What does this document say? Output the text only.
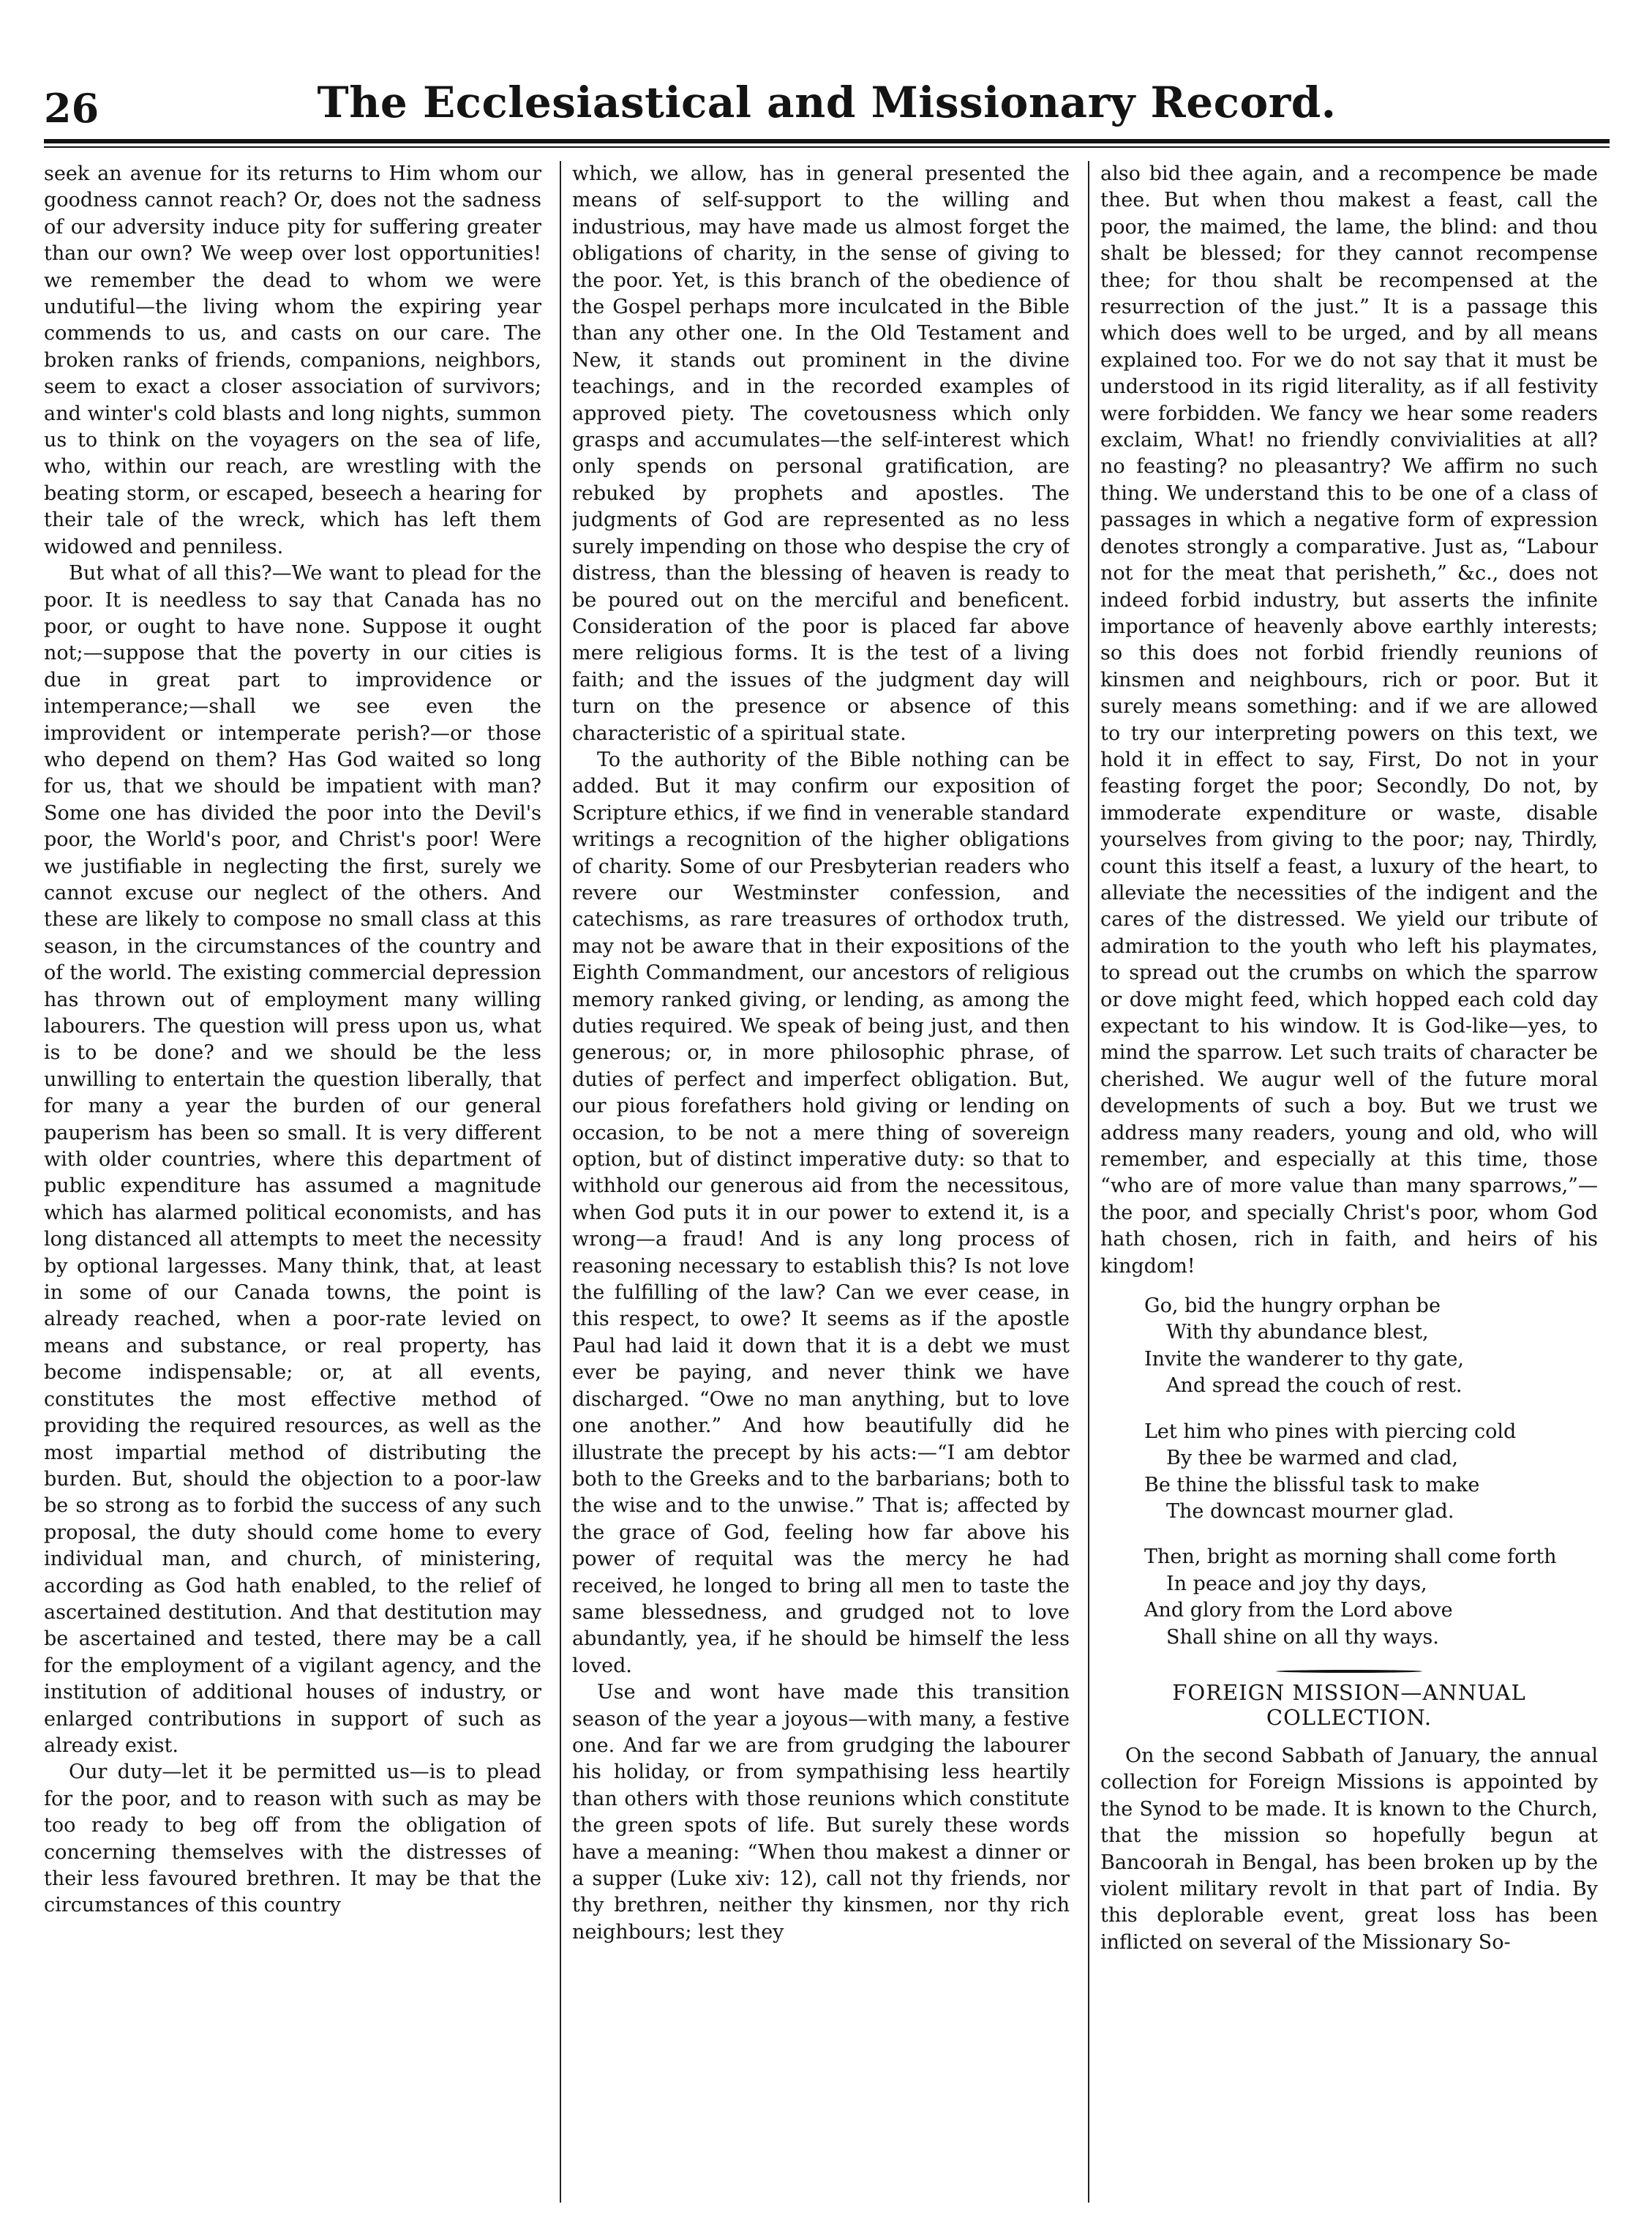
26	The Ecclesiastical and Missionary Record.

seek an avenue for its returns to Him whom our goodness cannot reach? Or, does not the sadness of our adversity induce pity for suffering greater than our own? We weep over lost opportunities! we remember the dead to whom we were undutiful—the living whom the expiring year commends to us, and casts on our care. The broken ranks of friends, companions, neighbors, seem to exact a closer association of survivors; and winter's cold blasts and long nights, summon us to think on the voyagers on the sea of life, who, within our reach, are wrestling with the beating storm, or escaped, beseech a hearing for their tale of the wreck, which has left them widowed and penniless.

But what of all this?—We want to plead for the poor. It is needless to say that Canada has no poor, or ought to have none. Suppose it ought not;—suppose that the poverty in our cities is due in great part to improvidence or intemperance;—shall we see even the improvident or intemperate perish?—or those who depend on them? Has God waited so long for us, that we should be impatient with man? Some one has divided the poor into the Devil's poor, the World's poor, and Christ's poor! Were we justifiable in neglecting the first, surely we cannot excuse our neglect of the others. And these are likely to compose no small class at this season, in the circumstances of the country and of the world. The existing commercial depression has thrown out of employment many willing labourers. The question will press upon us, what is to be done? and we should be the less unwilling to entertain the question liberally, that for many a year the burden of our general pauperism has been so small. It is very different with older countries, where this department of public expenditure has assumed a magnitude which has alarmed political economists, and has long distanced all attempts to meet the necessity by optional largesses. Many think, that, at least in some of our Canada towns, the point is already reached, when a poor-rate levied on means and substance, or real property, has become indispensable; or, at all events, constitutes the most effective method of providing the required resources, as well as the most impartial method of distributing the burden. But, should the objection to a poor-law be so strong as to forbid the success of any such proposal, the duty should come home to every individual man, and church, of ministering, according as God hath enabled, to the relief of ascertained destitution. And that destitution may be ascertained and tested, there may be a call for the employment of a vigilant agency, and the institution of additional houses of industry, or enlarged contributions in support of such as already exist.

Our duty—let it be permitted us—is to plead for the poor, and to reason with such as may be too ready to beg off from the obligation of concerning themselves with the distresses of their less favoured brethren. It may be that the circumstances of this country

which, we allow, has in general presented the means of self-support to the willing and industrious, may have made us almost forget the obligations of charity, in the sense of giving to the poor. Yet, is this branch of the obedience of the Gospel perhaps more inculcated in the Bible than any other one. In the Old Testament and New, it stands out prominent in the divine teachings, and in the recorded examples of approved piety. The covetousness which only grasps and accumulates—the self-interest which only spends on personal gratification, are rebuked by prophets and apostles. The judgments of God are represented as no less surely impending on those who despise the cry of distress, than the blessing of heaven is ready to be poured out on the merciful and beneficent. Consideration of the poor is placed far above mere religious forms. It is the test of a living faith; and the issues of the judgment day will turn on the presence or absence of this characteristic of a spiritual state.

To the authority of the Bible nothing can be added. But it may confirm our exposition of Scripture ethics, if we find in venerable standard writings a recognition of the higher obligations of charity. Some of our Presbyterian readers who revere our Westminster confession, and catechisms, as rare treasures of orthodox truth, may not be aware that in their expositions of the Eighth Commandment, our ancestors of religious memory ranked giving, or lending, as among the duties required. We speak of being just, and then generous; or, in more philosophic phrase, of duties of perfect and imperfect obligation. But, our pious forefathers hold giving or lending on occasion, to be not a mere thing of sovereign option, but of distinct imperative duty: so that to withhold our generous aid from the necessitous, when God puts it in our power to extend it, is a wrong—a fraud! And is any long process of reasoning necessary to establish this? Is not love the fulfilling of the law? Can we ever cease, in this respect, to owe? It seems as if the apostle Paul had laid it down that it is a debt we must ever be paying, and never think we have discharged. “Owe no man anything, but to love one another.” And how beautifully did he illustrate the precept by his acts:—“I am debtor both to the Greeks and to the barbarians; both to the wise and to the unwise.” That is; affected by the grace of God, feeling how far above his power of requital was the mercy he had received, he longed to bring all men to taste the same blessedness, and grudged not to love abundantly, yea, if he should be himself the less loved.

Use and wont have made this transition season of the year a joyous—with many, a festive one. And far we are from grudging the labourer his holiday, or from sympathising less heartily than others with those reunions which constitute the green spots of life. But surely these words have a meaning: “When thou makest a dinner or a supper (Luke xiv: 12), call not thy friends, nor thy brethren, neither thy kinsmen, nor thy rich neighbours; lest they

also bid thee again, and a recompence be made thee. But when thou makest a feast, call the poor, the maimed, the lame, the blind: and thou shalt be blessed; for they cannot recompense thee; for thou shalt be recompensed at the resurrection of the just.” It is a passage this which does well to be urged, and by all means explained too. For we do not say that it must be understood in its rigid literality, as if all festivity were forbidden. We fancy we hear some readers exclaim, What! no friendly convivialities at all? no feasting? no pleasantry? We affirm no such thing. We understand this to be one of a class of passages in which a negative form of expression denotes strongly a comparative. Just as, “Labour not for the meat that perisheth,” &c., does not indeed forbid industry, but asserts the infinite importance of heavenly above earthly interests; so this does not forbid friendly reunions of kinsmen and neighbours, rich or poor. But it surely means something: and if we are allowed to try our interpreting powers on this text, we hold it in effect to say, First, Do not in your feasting forget the poor; Secondly, Do not, by immoderate expenditure or waste, disable yourselves from giving to the poor; nay, Thirdly, count this itself a feast, a luxury of the heart, to alleviate the necessities of the indigent and the cares of the distressed. We yield our tribute of admiration to the youth who left his playmates, to spread out the crumbs on which the sparrow or dove might feed, which hopped each cold day expectant to his window. It is God-like—yes, to mind the sparrow. Let such traits of character be cherished. We augur well of the future moral developments of such a boy. But we trust we address many readers, young and old, who will remember, and especially at this time, those “who are of more value than many sparrows,”—the poor, and specially Christ's poor, whom God hath chosen, rich in faith, and heirs of his kingdom!

Go, bid the hungry orphan be
With thy abundance blest,
Invite the wanderer to thy gate,
And spread the couch of rest.
Let him who pines with piercing cold
By thee be warmed and clad,
Be thine the blissful task to make
The downcast mourner glad.
Then, bright as morning shall come forth
In peace and joy thy days,
And glory from the Lord above
Shall shine on all thy ways.
FOREIGN MISSION—ANNUAL COLLECTION.

On the second Sabbath of January, the annual collection for Foreign Missions is appointed by the Synod to be made. It is known to the Church, that the mission so hopefully begun at Bancoorah in Bengal, has been broken up by the violent military revolt in that part of India. By this deplorable event, great loss has been inflicted on several of the Missionary So-
